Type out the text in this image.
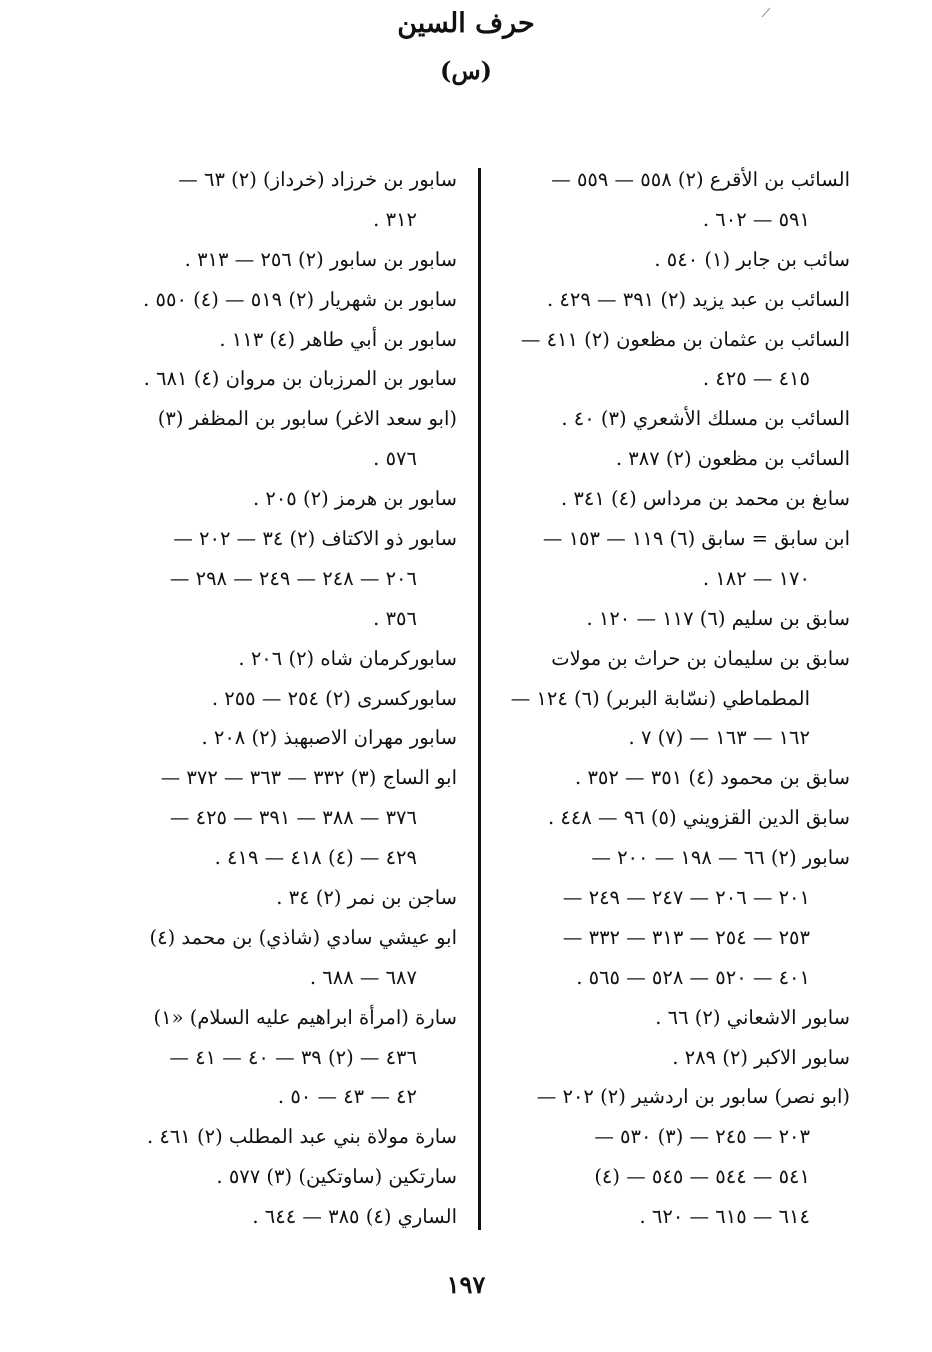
حرف السين
(س)
السائب بن الأقرع (٢) ٥٥٨ — ٥٥٩ —
٥٩١ — ٦٠٢ .
سائب بن جابر (١) ٥٤٠ .
السائب بن عبد يزيد (٢) ٣٩١ — ٤٢٩ .
السائب بن عثمان بن مظعون (٢) ٤١١ —
٤١٥ — ٤٢٥ .
السائب بن مسلك الأشعري (٣) ٤٠ .
السائب بن مظعون (٢) ٣٨٧ .
سابغ بن محمد بن مرداس (٤) ٣٤١ .
ابن سابق = سابق (٦) ١١٩ — ١٥٣ —
١٧٠ — ١٨٢ .
سابق بن سليم (٦) ١١٧ — ١٢٠ .
سابق بن سليمان بن حراث بن مولات
المطماطي (نسّابة البربر) (٦) ١٢٤ —
١٦٢ — ١٦٣ — (٧) ٧ .
سابق بن محمود (٤) ٣٥١ — ٣٥٢ .
سابق الدين القزويني (٥) ٩٦ — ٤٤٨ .
سابور (٢) ٦٦ — ١٩٨ — ٢٠٠ —
٢٠١ — ٢٠٦ — ٢٤٧ — ٢٤٩ —
٢٥٣ — ٢٥٤ — ٣١٣ — ٣٣٢ —
٤٠١ — ٥٢٠ — ٥٢٨ — ٥٦٥ .
سابور الاشعاني (٢) ٦٦ .
سابور الاكبر (٢) ٢٨٩ .
(ابو نصر) سابور بن اردشير (٢) ٢٠٢ —
٢٠٣ — ٢٤٥ — (٣) ٥٣٠ —
٥٤١ — ٥٤٤ — ٥٤٥ — (٤)
٦١٤ — ٦١٥ — ٦٢٠ .
سابور بن خرزاد (خرداز) (٢) ٦٣ —
٣١٢ .
سابور بن سابور (٢) ٢٥٦ — ٣١٣ .
سابور بن شهريار (٢) ٥١٩ — (٤) ٥٥٠ .
سابور بن أبي طاهر (٤) ١١٣ .
سابور بن المرزبان بن مروان (٤) ٦٨١ .
(ابو سعد الاغر) سابور بن المظفر (٣)
٥٧٦ .
سابور بن هرمز (٢) ٢٠٥ .
سابور ذو الاكتاف (٢) ٣٤ — ٢٠٢ —
٢٠٦ — ٢٤٨ — ٢٤٩ — ٢٩٨ —
٣٥٦ .
سابوركرمان شاه (٢) ٢٠٦ .
سابوركسرى (٢) ٢٥٤ — ٢٥٥ .
سابور مهران الاصبهبذ (٢) ٢٠٨ .
ابو الساج (٣) ٣٣٢ — ٣٦٣ — ٣٧٢ —
٣٧٦ — ٣٨٨ — ٣٩١ — ٤٢٥ —
٤٢٩ — (٤) ٤١٨ — ٤١٩ .
ساجن بن نمر (٢) ٣٤ .
ابو عيشي سادي (شاذي) بن محمد (٤)
٦٨٧ — ٦٨٨ .
سارة (امرأة ابراهيم عليه السلام) «١)
٤٣٦ — (٢) ٣٩ — ٤٠ — ٤١ —
٤٢ — ٤٣ — ٥٠ .
سارة مولاة بني عبد المطلب (٢) ٤٦١ .
سارتكين (ساوتكين) (٣) ٥٧٧ .
الساري (٤) ٣٨٥ — ٦٤٤ .
١٩٧
